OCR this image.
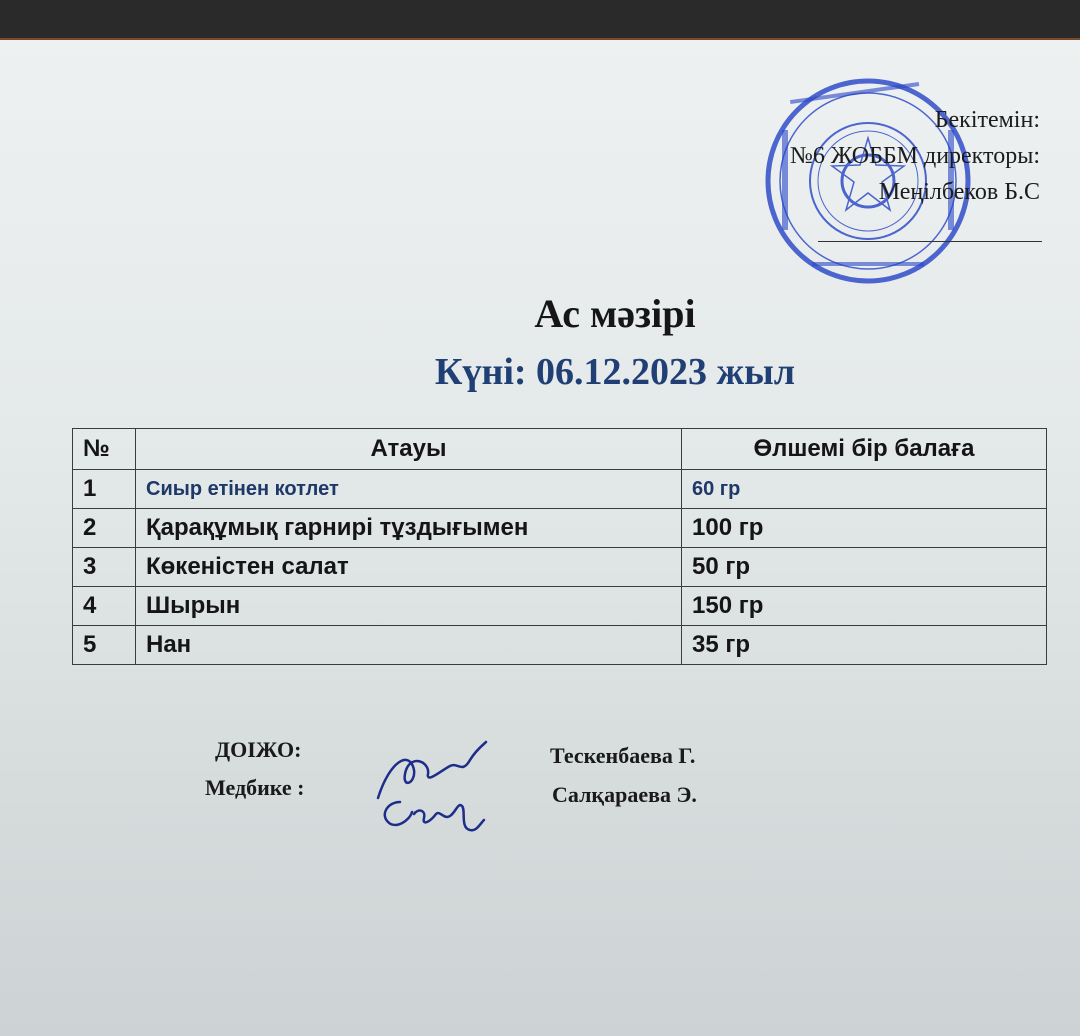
Бекітемін:
№6 ЖОББМ директоры:
Меңілбеков Б.С
Ас мәзірі
Күні: 06.12.2023 жыл
№	Атауы	Өлшемі бір балаға
1	Сиыр етінен котлет	60 гр
2	Қарақұмық гарнирі тұздығымен	100 гр
3	Көкеністен салат	50 гр
4	Шырын	150 гр
5	Нан	35 гр
ДОІЖО:
Медбике :
Тескенбаева Г.
Салқараева Э.
